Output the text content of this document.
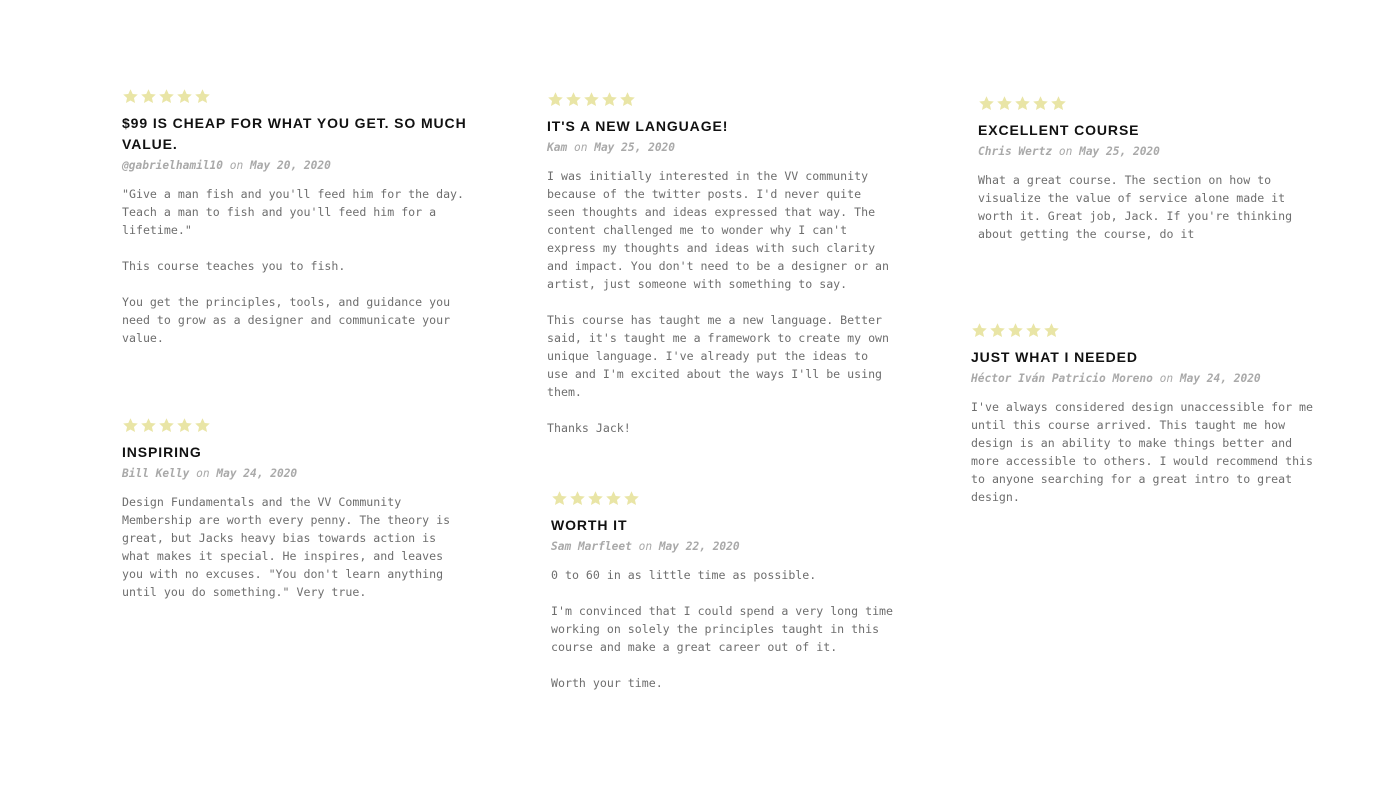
$99 IS CHEAP FOR WHAT YOU GET. SO MUCH VALUE.
@gabrielhamil10 on May 20, 2020

"Give a man fish and you'll feed him for the day.
Teach a man to fish and you'll feed him for a
lifetime."

This course teaches you to fish.

You get the principles, tools, and guidance you
need to grow as a designer and communicate your
value.

INSPIRING
Bill Kelly on May 24, 2020

Design Fundamentals and the VV Community
Membership are worth every penny. The theory is
great, but Jacks heavy bias towards action is
what makes it special. He inspires, and leaves
you with no excuses. "You don't learn anything
until you do something." Very true.

IT'S A NEW LANGUAGE!
Kam on May 25, 2020

I was initially interested in the VV community
because of the twitter posts. I'd never quite
seen thoughts and ideas expressed that way. The
content challenged me to wonder why I can't
express my thoughts and ideas with such clarity
and impact. You don't need to be a designer or an
artist, just someone with something to say.

This course has taught me a new language. Better
said, it's taught me a framework to create my own
unique language. I've already put the ideas to
use and I'm excited about the ways I'll be using
them.

Thanks Jack!

WORTH IT
Sam Marfleet on May 22, 2020

0 to 60 in as little time as possible.

I'm convinced that I could spend a very long time
working on solely the principles taught in this
course and make a great career out of it.

Worth your time.

EXCELLENT COURSE
Chris Wertz on May 25, 2020

What a great course. The section on how to
visualize the value of service alone made it
worth it. Great job, Jack. If you're thinking
about getting the course, do it

JUST WHAT I NEEDED
Héctor Iván Patricio Moreno on May 24, 2020

I've always considered design unaccessible for me
until this course arrived. This taught me how
design is an ability to make things better and
more accessible to others. I would recommend this
to anyone searching for a great intro to great
design.
